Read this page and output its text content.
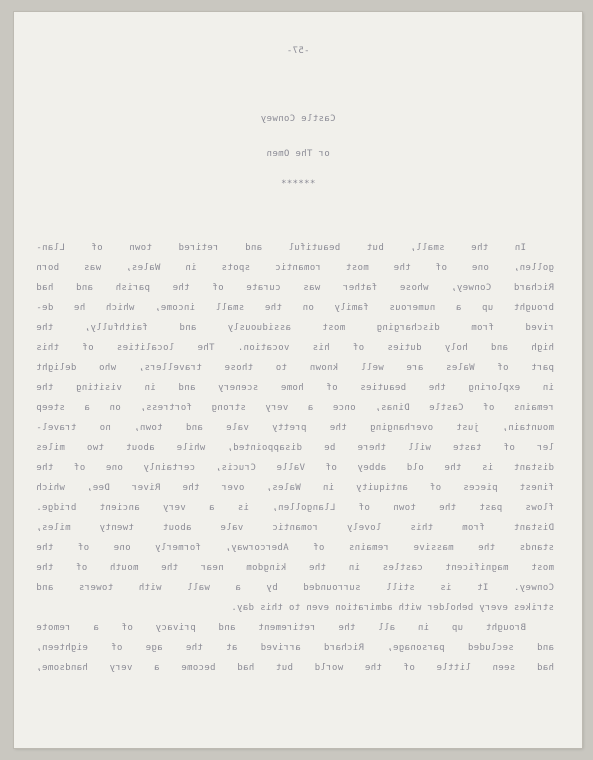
-57-
Castle Conwey
or The Omen
******
In the small, but beautiful and retired town of Llan-
gollen, one of the most romantic spots in Wales, was born
Richard Conwey, whose father was curate of the parish and had
brought up a numerous family on the small income, which he de-
rived from discharging most assiduously and faithfully, the
high and holy duties of his vocation. The localities of this
part of Wales are well known to those travellers, who delight
in exploring the beauties of home scenery and in visiting the
remains of Castle Dinas, once a very strong fortress, on a steep
mountain, just overhanging the pretty vale and town, no travel-
ler of taste will there be disappointed, while about two miles
distant is the old abbey of Valle Crucis, certainly one of the
finest pieces of antiquity in Wales, over the River Dee, which
flows past the town of Llangollen, is a very ancient bridge.
Distant from this lovely romantic vale about twenty miles,
stands the massive remains of Abercorway, formerly one of the
most magnificent castles in the kingdom near the mouth of the
Conwey. It is still surrounded by a wall with towers and
strikes every beholder with admiration even to this day.
Brought up in all the retirement and privacy of a remote
and secluded parsonage, Richard arrived at the age of eighteen,
had seen little of the world but had become a very handsome,
